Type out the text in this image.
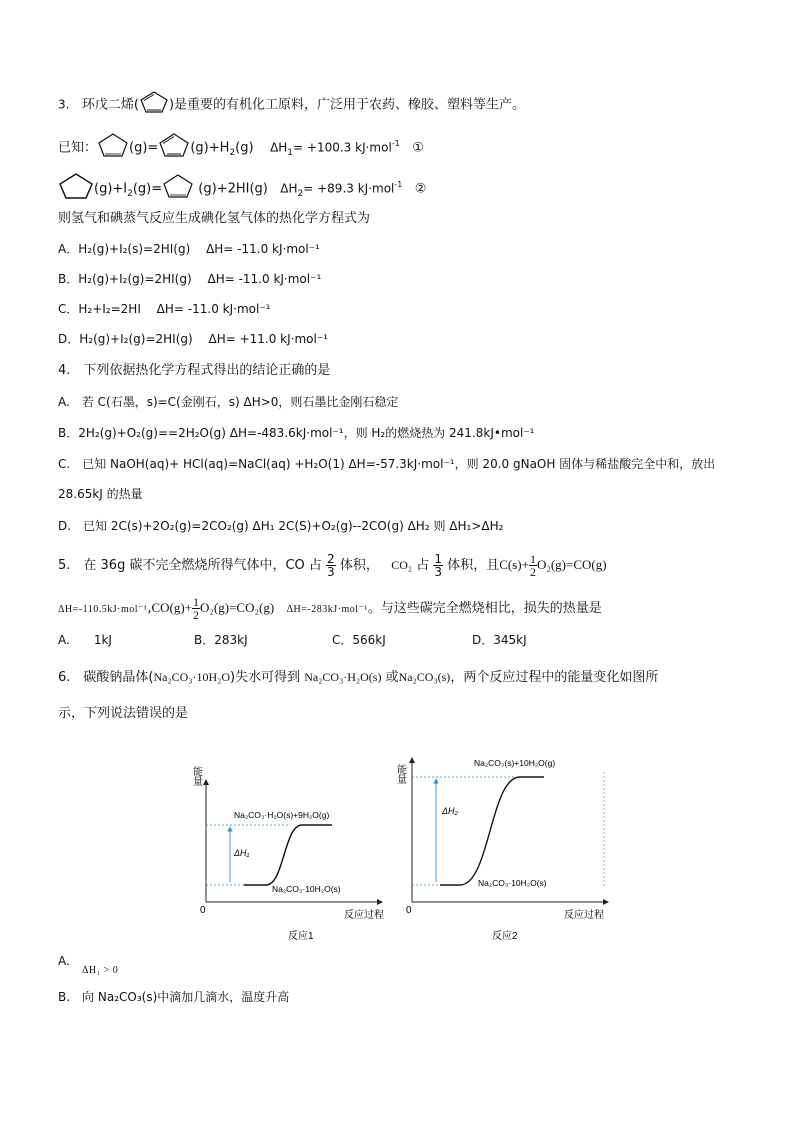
3. 环戊二烯( )是重要的有机化工原料，广泛用于农药、橡胶、塑料等生产。
已知： $(g)= (g)+H_2(g)$ $\Delta H_1= +100.3$ kJ·mol$^{-1}$ ①
$(g)+I_2(g)=$	(g)+2HI(g) $\Delta H_2= +89.3$ kJ·mol$^{-1}$ ②
则氢气和碘蒸气反应生成碘化氢气体的热化学方程式为
A．H₂(g)+I₂(s)=2HI(g)　 ΔH= -11.0 kJ·mol⁻¹
B．H₂(g)+I₂(g)=2HI(g)　 ΔH= -11.0 kJ·mol⁻¹
C．H₂+I₂=2HI　 ΔH= -11.0 kJ·mol⁻¹
D．H₂(g)+I₂(g)=2HI(g)　 ΔH= +11.0 kJ·mol⁻¹
4.　下列依据热化学方程式得出的结论正确的是
A.　若 C(石墨，s)=C(金刚石，s) ΔH>0，则石墨比金刚石稳定
B．2H₂(g)+O₂(g)==2H₂O(g) ΔH=-483.6kJ·mol⁻¹，则 H₂的燃烧热为 241.8kJ•mol⁻¹
C.　已知 NaOH(aq)+ HCl(aq)=NaCl(aq) +H₂O(1) ΔH=-57.3kJ·mol⁻¹，则 20.0 gNaOH 固体与稀盐酸完全中和，放出
28.65kJ 的热量
D.　已知 2C(s)+2O₂(g)=2CO₂(g) ΔH₁ 2C(S)+O₂(g)--2CO(g) ΔH₂ 则 ΔH₁>ΔH₂
5.　在 36g 碳不完全燃烧所得气体中，CO 占 $\frac{2}{3}$ 体积， CO₂ 占 $\frac{1}{3}$ 体积，且$C(s)+ \frac{1}{2} O_2(g)=CO(g)$
$\Delta H=-110.5kJ\cdot mol^{-1},CO(g)+ \frac{1}{2} O_2(g)=CO_2(g)$ ΔH=-283kJ·mol⁻¹。与这些碳完全燃烧相比，损失的热量是
A.　　1kJ	B．283kJ	C．566kJ	D．345kJ
6.　碳酸钠晶体(Na₂CO₃·10H₂O)失水可得到 Na₂CO₃·H₂O(s) 或Na₂CO₃(s)，两个反应过程中的能量变化如图所
示，下列说法错误的是
能量
0	反应过程
ΔH₁
Na₂CO₃·H₂O(s)+9H₂O(g)
Na₂CO₃·10H₂O(s)
反应1
能量
0	反应过程
ΔH₂
Na₂CO₃(s)+10H₂O(g)
Na₂CO₃·10H₂O(s)
反应2
A.
ΔH₁ > 0
B.　向 Na₂CO₃(s)中滴加几滴水，温度升高
